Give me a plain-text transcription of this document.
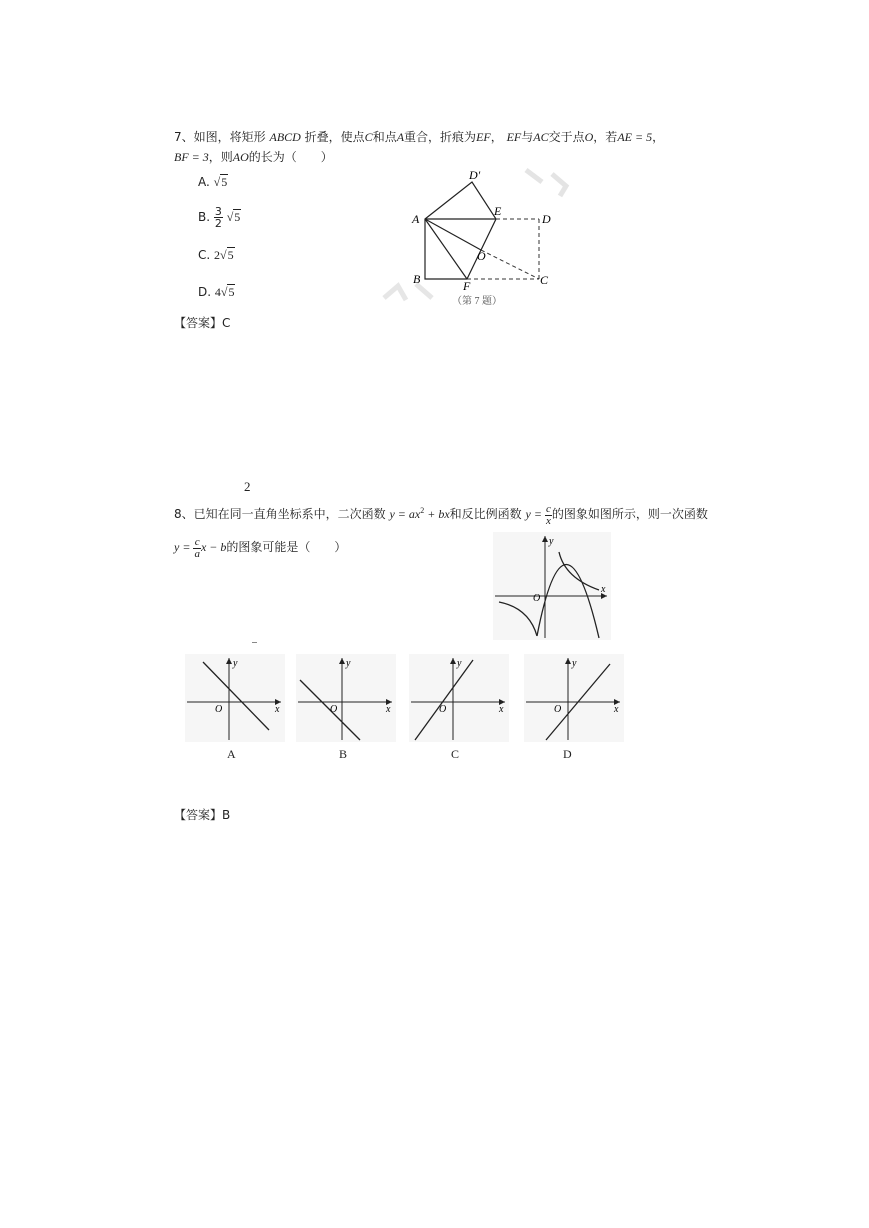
7、如图，将矩形 ABCD 折叠，使点C和点A重合，折痕为EF， EF与AC交于点O，若AE = 5，
BF = 3，则AO的长为（　　）
A. √5
B. $\frac{3}{2} √5$
C. 2√5
D. 4√5
D'
A
E
D
O
B	F	C
（第 7 题）
【答案】C
2
8、已知在同一直角坐标系中，二次函数 $y = ax^2$ + bx和反比例函数 $y = \frac{c}{x}$ 的图象如图所示，则一次函数
$y = \frac{c}{a}$ x − b的图象可能是（　　）	y
x
O
y
x
O
A
y
x
O
B
y
x
O
C
y
x
O
D
【答案】B
